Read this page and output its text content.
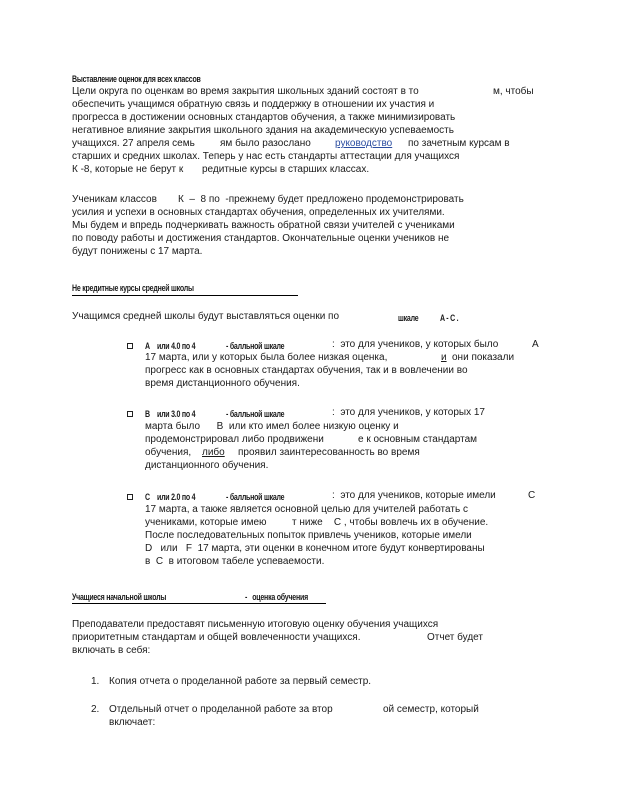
Выставление оценок для всех классов
Цели округа по оценкам во время закрытия школьных зданий состоят в то	м, чтобы
обеспечить учащимся обратную связь и поддержку в отношении их участия и
прогресса в достижении основных стандартов обучения, а также минимизировать
негативное влияние закрытия школьного здания на академическую успеваемость
учащихся. 27 апреля семь	ям было разослано руководство	по зачетным курсам в
старших и средних школах. Теперь у нас есть стандарты аттестации для учащихся
К -8, которые не берут к редитные курсы в старших классах.
Ученикам классов К  –  8 по  -прежнему будет предложено продемонстрировать
усилия и успехи в основных стандартах обучения, определенных их учителями.
Мы будем и впредь подчеркивать важность обратной связи учителей с учениками
по поводу работы и достижения стандартов. Окончательные оценки учеников не
будут понижены с 17 марта.
Не кредитные курсы средней школы
Учащимся средней школы будут выставляться оценки по	шкале A - C .
A или 4.0 по 4	- балльной шкале	:  это для учеников, у которых было	A
17 марта, или у которых была более низкая оценка,	и они показали
прогресс как в основных стандартах обучения, так и в вовлечении во
время дистанционного обучения.
B или 3.0 по 4	- балльной шкале	:  это для учеников, у которых 17
марта было      B  или кто имел более низкую оценку и
продемонстрировал либо продвижени	е к основным стандартам
обучения, либо	проявил заинтересованность во время
дистанционного обучения.
C или 2.0 по 4	- балльной шкале	:  это для учеников, которые имели	C
17 марта, а также является основной целью для учителей работать с
учениками, которые имею	т ниже    C , чтобы вовлечь их в обучение.
После последовательных попыток привлечь учеников, которые имели
D   или   F  17 марта, эти оценки в конечном итоге будут конвертированы
в  C  в итоговом табеле успеваемости.
Учащиеся начальной школы	-   оценка обучения
Преподаватели предоставят письменную итоговую оценку обучения учащихся
приоритетным стандартам и общей вовлеченности учащихся.	Отчет будет
включать в себя:
1. Копия отчета о проделанной работе за первый семестр.
2. Отдельный отчет о проделанной работе за втор	ой семестр, который
включает:
